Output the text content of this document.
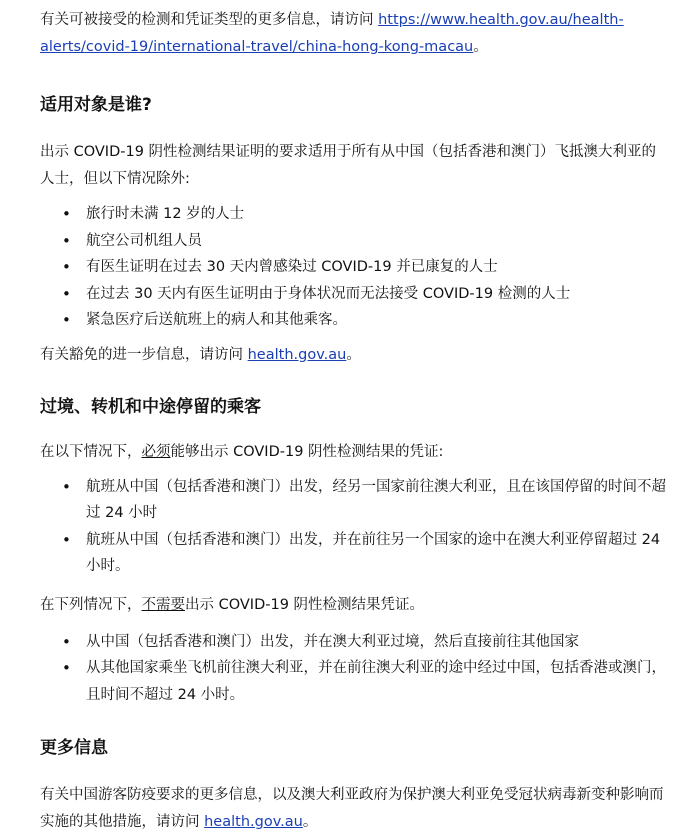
有关可被接受的检测和凭证类型的更多信息，请访问 https://www.health.gov.au/health-
alerts/covid-19/international-travel/china-hong-kong-macau。

适用对象是谁?

出示 COVID-19 阴性检测结果证明的要求适用于所有从中国（包括香港和澳门）飞抵澳大利亚的人士，但以下情况除外:

• 旅行时未满 12 岁的人士
• 航空公司机组人员
• 有医生证明在过去 30 天内曾感染过 COVID-19 并已康复的人士
• 在过去 30 天内有医生证明由于身体状况而无法接受 COVID-19 检测的人士
• 紧急医疗后送航班上的病人和其他乘客。

有关豁免的进一步信息，请访问 health.gov.au。

过境、转机和中途停留的乘客

在以下情况下，必须能够出示 COVID-19 阴性检测结果的凭证:

• 航班从中国（包括香港和澳门）出发，经另一国家前往澳大利亚，且在该国停留的时间不超过 24 小时
• 航班从中国（包括香港和澳门）出发，并在前往另一个国家的途中在澳大利亚停留超过 24 小时。

在下列情况下，不需要出示 COVID-19 阴性检测结果凭证。

• 从中国（包括香港和澳门）出发，并在澳大利亚过境，然后直接前往其他国家
• 从其他国家乘坐飞机前往澳大利亚，并在前往澳大利亚的途中经过中国，包括香港或澳门，且时间不超过 24 小时。
更多信息

有关中国游客防疫要求的更多信息，以及澳大利亚政府为保护澳大利亚免受冠状病毒新变种影响而实施的其他措施，请访问 health.gov.au。
